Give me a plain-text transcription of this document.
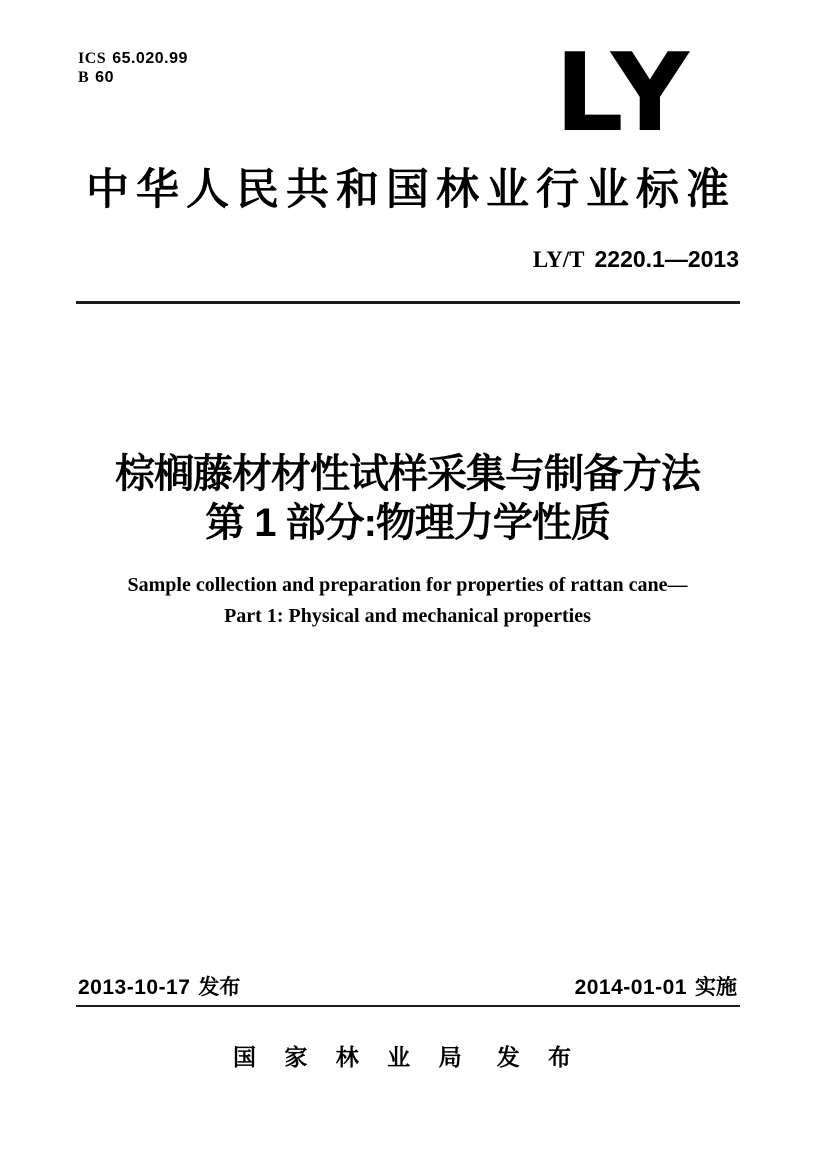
ICS 65.020.99
B 60	LY
中华人民共和国林业行业标准
LY/T 2220.1—2013
棕榈藤材材性试样采集与制备方法
第 1 部分:物理力学性质
Sample collection and preparation for properties of rattan cane—
Part 1: Physical and mechanical properties
2013-10-17 发布	2014-01-01 实施
国 家 林 业 局 发 布
